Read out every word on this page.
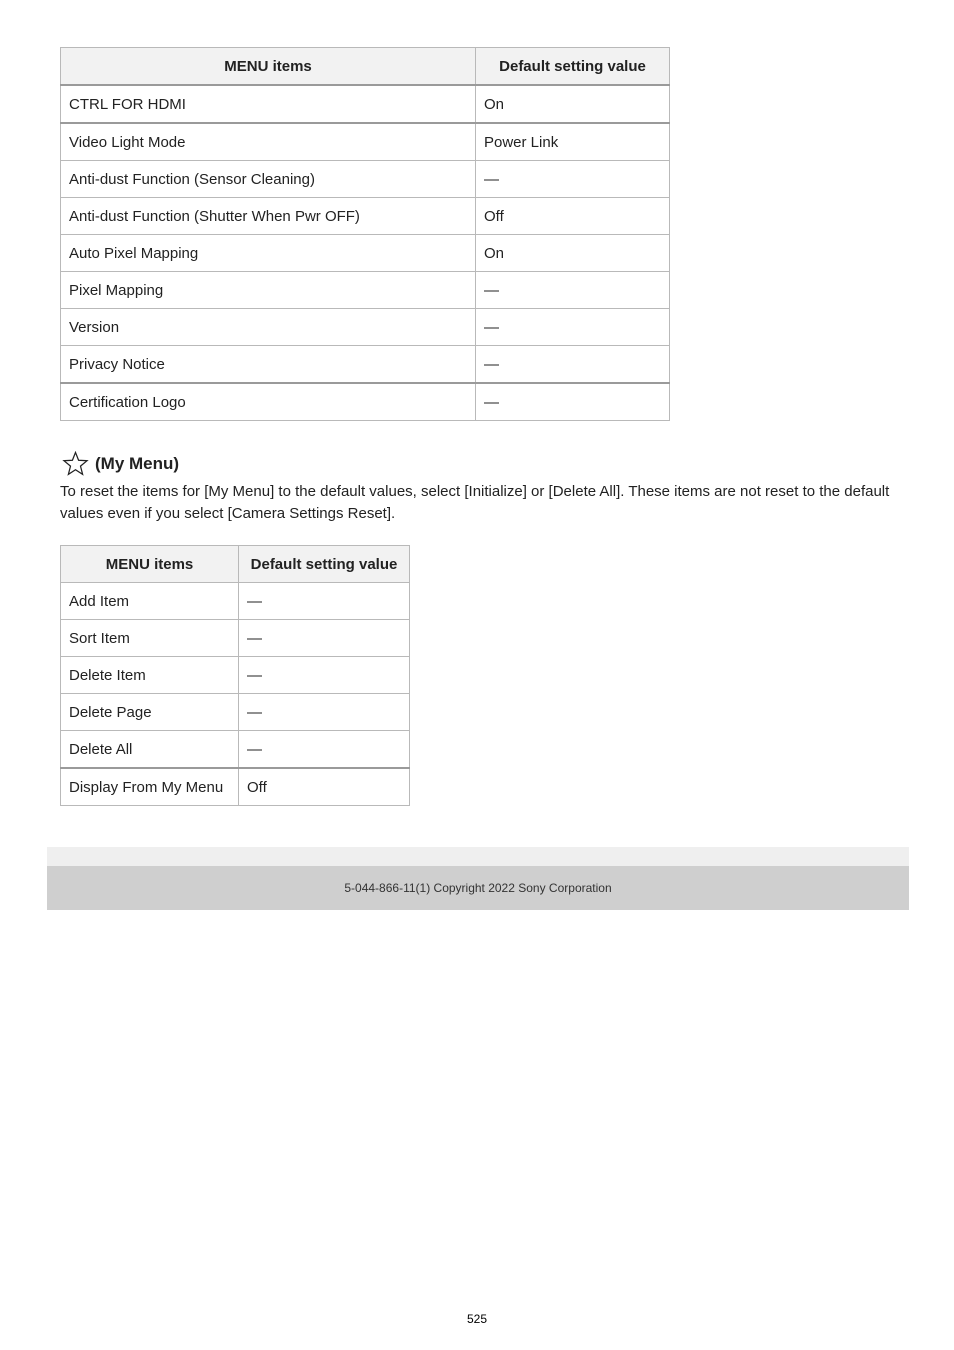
MENU items	Default setting value
CTRL FOR HDMI	On
Video Light Mode	Power Link
Anti-dust Function (Sensor Cleaning)	—
Anti-dust Function (Shutter When Pwr OFF)	Off
Auto Pixel Mapping	On
Pixel Mapping	—
Version	—
Privacy Notice	—
Certification Logo	—
(My Menu)

To reset the items for [My Menu] to the default values, select [Initialize] or [Delete All]. These items are not reset to the default values even if you select [Camera Settings Reset].

MENU items	Default setting value
Add Item	—
Sort Item	—
Delete Item	—
Delete Page	—
Delete All	—
Display From My Menu	Off
5-044-866-11(1) Copyright 2022 Sony Corporation
525
